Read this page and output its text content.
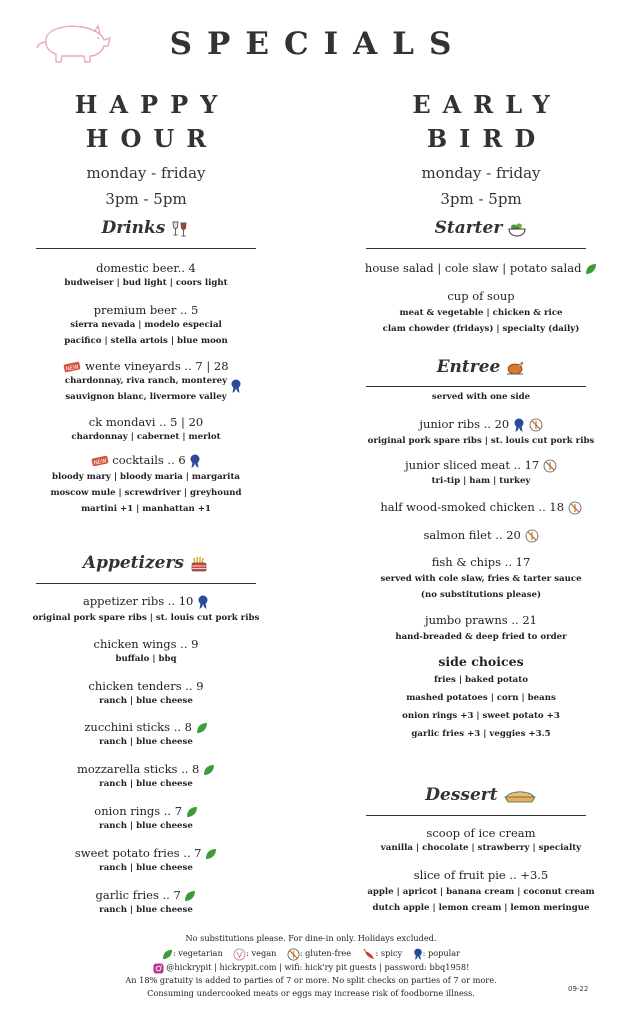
SPECIALS
HAPPY
HOUR
monday - friday
3pm - 5pm
Drinks
domestic beer.. 4
budweiser | bud light | coors light
premium beer .. 5
sierra nevada | modelo especial
pacifico | stella artois | blue moon
NEW wente vineyards .. 7 | 28
chardonnay, riva ranch, monterey
sauvignon blanc, livermore valley
ck mondavi .. 5 | 20
chardonnay | cabernet | merlot
NEW cocktails .. 6
bloody mary | bloody maria | margarita
moscow mule | screwdriver | greyhound
martini +1 | manhattan +1
Appetizers
appetizer ribs .. 10
original pork spare ribs | st. louis cut pork ribs
chicken wings .. 9
buffalo | bbq
chicken tenders .. 9
ranch | blue cheese
zucchini sticks .. 8
ranch | blue cheese
mozzarella sticks .. 8
ranch | blue cheese
onion rings .. 7
ranch | blue cheese
sweet potato fries .. 7
ranch | blue cheese
garlic fries .. 7
ranch | blue cheese
EARLY
BIRD
monday - friday
3pm - 5pm
Starter
house salad | cole slaw | potato salad
cup of soup
meat & vegetable | chicken & rice
clam chowder (fridays) | specialty (daily)
Entree
served with one side
junior ribs .. 20
original pork spare ribs | st. louis cut pork ribs
junior sliced meat .. 17
tri-tip | ham | turkey
half wood-smoked chicken .. 18
salmon filet .. 20
fish & chips .. 17
served with cole slaw, fries & tarter sauce
(no substitutions please)
jumbo prawns .. 21
hand-breaded & deep fried to order
side choices
fries | baked potato
mashed potatoes | corn | beans
onion rings +3 | sweet potato +3
garlic fries +3 | veggies +3.5
Dessert
scoop of ice cream
vanilla | chocolate | strawberry | specialty
slice of fruit pie .. +3.5
apple | apricot | banana cream | coconut cream
dutch apple | lemon cream | lemon meringue
No substitutions please. For dine-in only. Holidays excluded.
: vegetarian	: vegan	: gluten-free	: spicy : popular
@hickrypit | hickrypit.com | wifi: hick'ry pit guests | password: bbq1958!
An 18% gratuity is added to parties of 7 or more. No split checks on parties of 7 or more.
Consuming undercooked meats or eggs may increase risk of foodborne illness.	09-22
